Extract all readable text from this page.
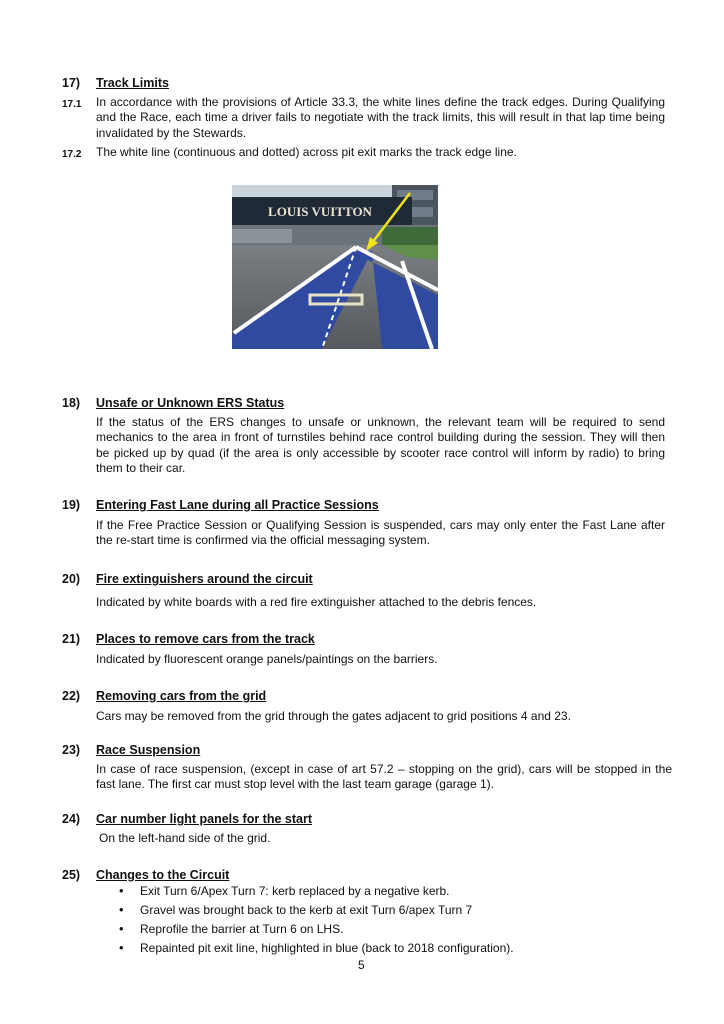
17) Track Limits
17.1 In accordance with the provisions of Article 33.3, the white lines define the track edges. During Qualifying and the Race, each time a driver fails to negotiate with the track limits, this will result in that lap time being invalidated by the Stewards.
17.2 The white line (continuous and dotted) across pit exit marks the track edge line.
LOUIS VUITTON
18) Unsafe or Unknown ERS Status
If the status of the ERS changes to unsafe or unknown, the relevant team will be required to send mechanics to the area in front of turnstiles behind race control building during the session. They will then be picked up by quad (if the area is only accessible by scooter race control will inform by radio) to bring them to their car.
19) Entering Fast Lane during all Practice Sessions
If the Free Practice Session or Qualifying Session is suspended, cars may only enter the Fast Lane after the re-start time is confirmed via the official messaging system.
20) Fire extinguishers around the circuit
Indicated by white boards with a red fire extinguisher attached to the debris fences.
21) Places to remove cars from the track
Indicated by fluorescent orange panels/paintings on the barriers.
22) Removing cars from the grid
Cars may be removed from the grid through the gates adjacent to grid positions 4 and 23.
23) Race Suspension
In case of race suspension, (except in case of art 57.2 – stopping on the grid), cars will be stopped in the fast lane. The first car must stop level with the last team garage (garage 1).
24) Car number light panels for the start
On the left-hand side of the grid.
25) Changes to the Circuit
• Exit Turn 6/Apex Turn 7: kerb replaced by a negative kerb.
• Gravel was brought back to the kerb at exit Turn 6/apex Turn 7
• Reprofile the barrier at Turn 6 on LHS.
• Repainted pit exit line, highlighted in blue (back to 2018 configuration).
5
